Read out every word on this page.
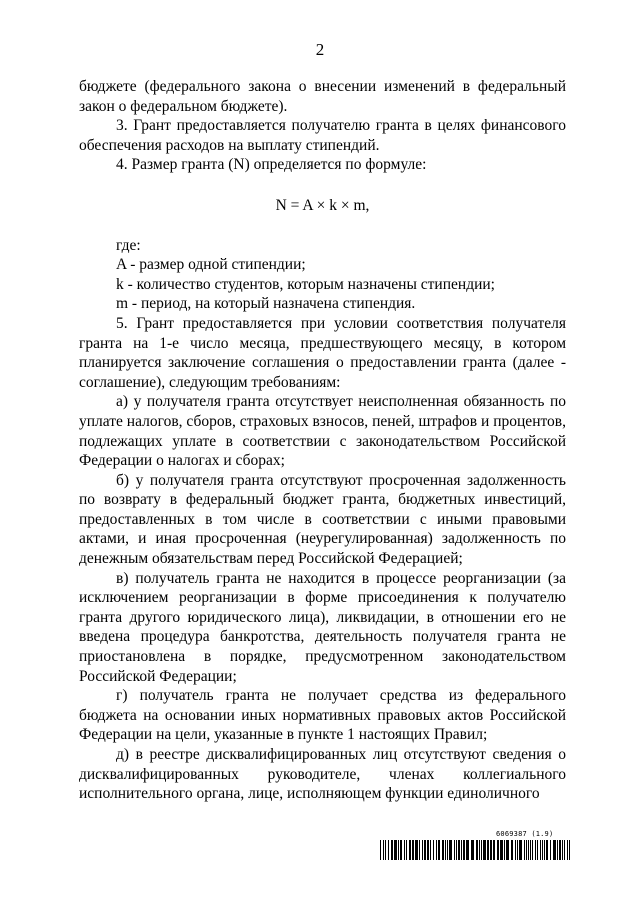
2

бюджете (федерального закона о внесении изменений в федеральный закон о федеральном бюджете).

3. Грант предоставляется получателю гранта в целях финансового обеспечения расходов на выплату стипендий.

4. Размер гранта (N) определяется по формуле:

N = A × k × m,

где:

A - размер одной стипендии;

k - количество студентов, которым назначены стипендии;

m - период, на который назначена стипендия.

5. Грант предоставляется при условии соответствия получателя гранта на 1-е число месяца, предшествующего месяцу, в котором планируется заключение соглашения о предоставлении гранта (далее - соглашение), следующим требованиям:

а) у получателя гранта отсутствует неисполненная обязанность по уплате налогов, сборов, страховых взносов, пеней, штрафов и процентов, подлежащих уплате в соответствии с законодательством Российской Федерации о налогах и сборах;

б) у получателя гранта отсутствуют просроченная задолженность по возврату в федеральный бюджет гранта, бюджетных инвестиций, предоставленных в том числе в соответствии с иными правовыми актами, и иная просроченная (неурегулированная) задолженность по денежным обязательствам перед Российской Федерацией;

в) получатель гранта не находится в процессе реорганизации (за исключением реорганизации в форме присоединения к получателю гранта другого юридического лица), ликвидации, в отношении его не введена процедура банкротства, деятельность получателя гранта не приостановлена в порядке, предусмотренном законодательством Российской Федерации;

г) получатель гранта не получает средства из федерального бюджета на основании иных нормативных правовых актов Российской Федерации на цели, указанные в пункте 1 настоящих Правил;

д) в реестре дисквалифицированных лиц отсутствуют сведения о дисквалифицированных руководителе, членах коллегиального исполнительного органа, лице, исполняющем функции единоличного

6069387 (1.9)
